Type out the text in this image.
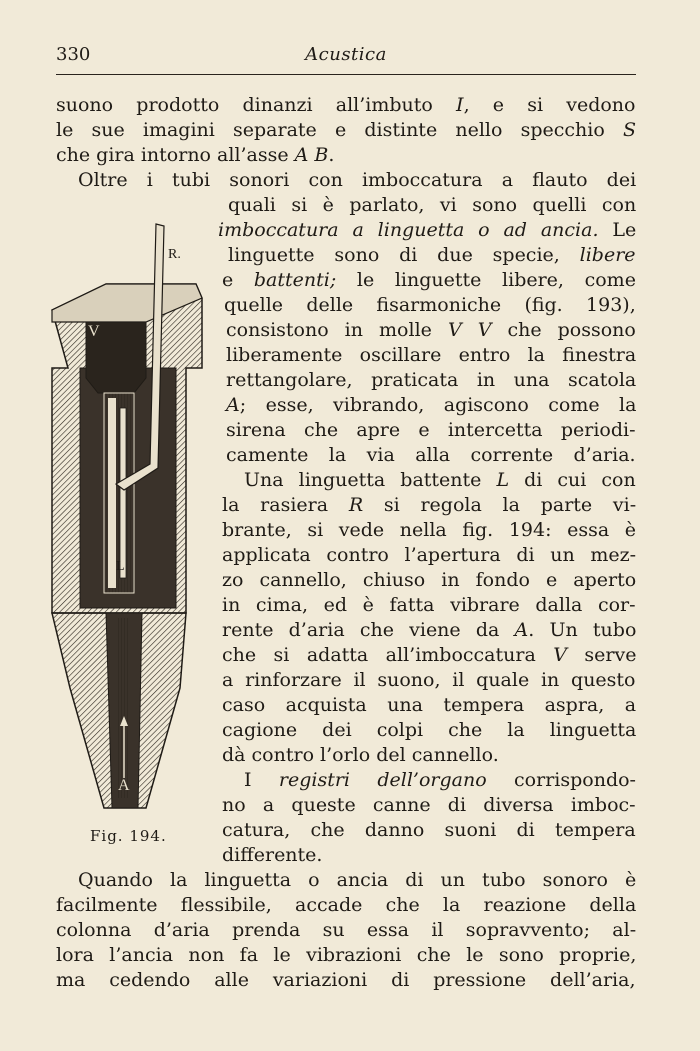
330	Acustica
suono prodotto dinanzi all’imbuto I, e si vedono
le sue imagini separate e distinte nello specchio S
che gira intorno all’asse A B.
Oltre i tubi sonori con imboccatura a flauto dei
quali si è parlato, vi sono quelli con
imboccatura a linguetta o ad ancia. Le
linguette sono di due specie, libere
e battenti; le linguette libere, come
quelle delle fisarmoniche (fig. 193),
consistono in molle V V che possono
liberamente oscillare entro la finestra
rettangolare, praticata in una scatola
A; esse, vibrando, agiscono come la
sirena che apre e intercetta periodi-
camente la via alla corrente d’aria.
Una linguetta battente L di cui con
la rasiera R si regola la parte vi-
brante, si vede nella fig. 194: essa è
applicata contro l’apertura di un mez-
zo cannello, chiuso in fondo e aperto
in cima, ed è fatta vibrare dalla cor-
rente d’aria che viene da A. Un tubo
che si adatta all’imboccatura V serve
a rinforzare il suono, il quale in questo
caso acquista una tempera aspra, a
cagione dei colpi che la linguetta
dà contro l’orlo del cannello.
I registri dell’organo corrispondo-
no a queste canne di diversa imboc-
catura, che danno suoni di tempera
differente.
Quando la linguetta o ancia di un tubo sonoro è
facilmente flessibile, accade che la reazione della
colonna d’aria prenda su essa il sopravvento; al-
lora l’ancia non fa le vibrazioni che le sono proprie,
ma cedendo alle variazioni di pressione dell’aria,
R.
V
L
A
Fig. 194.
